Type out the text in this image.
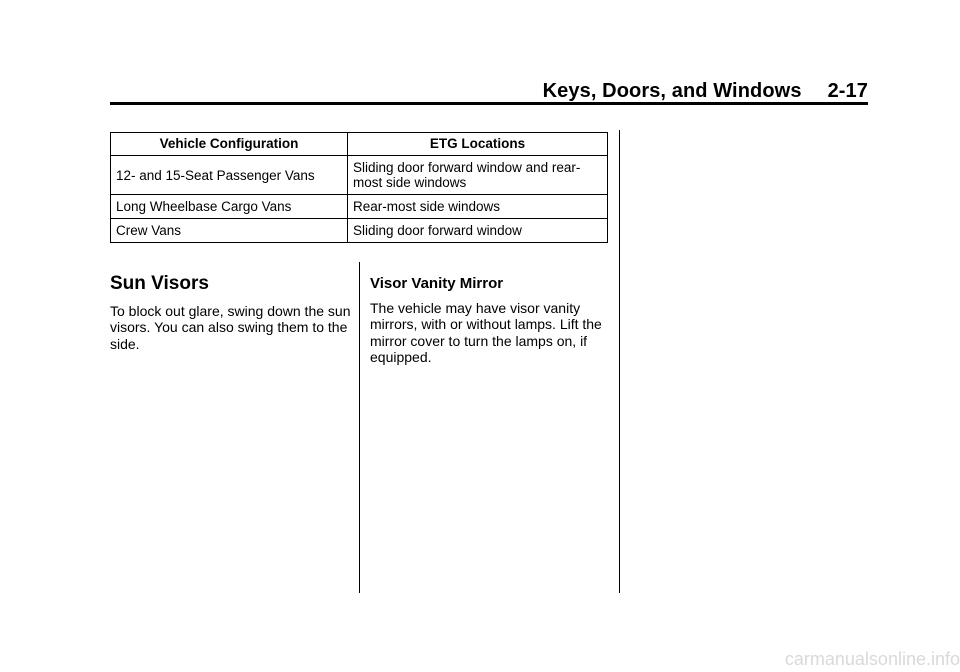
Keys, Doors, and Windows 2-17
Vehicle Configuration	ETG Locations
12- and 15-Seat Passenger Vans	Sliding door forward window and rear-most side windows
Long Wheelbase Cargo Vans	Rear-most side windows
Crew Vans	Sliding door forward window
Sun Visors

To block out glare, swing down the sun visors. You can also swing them to the side.

Visor Vanity Mirror

The vehicle may have visor vanity mirrors, with or without lamps. Lift the mirror cover to turn the lamps on, if equipped.

carmanualsonline.info
